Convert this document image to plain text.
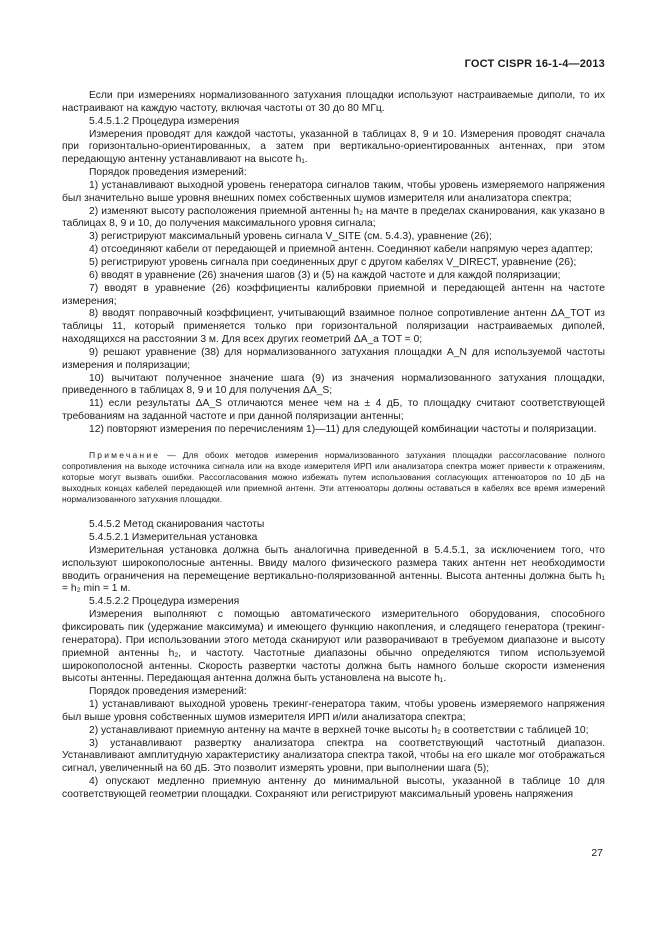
ГОСТ CISPR 16-1-4—2013

Если при измерениях нормализованного затухания площадки используют настраиваемые диполи, то их настраивают на каждую частоту, включая частоты от 30 до 80 МГц.

5.4.5.1.2 Процедура измерения

Измерения проводят для каждой частоты, указанной в таблицах 8, 9 и 10. Измерения проводят сначала при горизонтально-ориентированных, а затем при вертикально-ориентированных антеннах, при этом передающую антенну устанавливают на высоте h₁.

Порядок проведения измерений:

1) устанавливают выходной уровень генератора сигналов таким, чтобы уровень измеряемого напряжения был значительно выше уровня внешних помех собственных шумов измерителя или анализатора спектра;

2) изменяют высоту расположения приемной антенны h₂ на мачте в пределах сканирования, как указано в таблицах 8, 9 и 10, до получения максимального уровня сигнала;

3) регистрируют максимальный уровень сигнала V_SITE (см. 5.4.3), уравнение (26);

4) отсоединяют кабели от передающей и приемной антенн. Соединяют кабели напрямую через адаптер;

5) регистрируют уровень сигнала при соединенных друг с другом кабелях V_DIRECT, уравнение (26);

6) вводят в уравнение (26) значения шагов (3) и (5) на каждой частоте и для каждой поляризации;

7) вводят в уравнение (26) коэффициенты калибровки приемной и передающей антенн на частоте измерения;

8) вводят поправочный коэффициент, учитывающий взаимное полное сопротивление антенн ΔA_TOT из таблицы 11, который применяется только при горизонтальной поляризации настраиваемых диполей, находящихся на расстоянии 3 м. Для всех других геометрий ΔA_a TOT = 0;

9) решают уравнение (38) для нормализованного затухания площадки A_N для используемой частоты измерения и поляризации;

10) вычитают полученное значение шага (9) из значения нормализованного затухания площадки, приведенного в таблицах 8, 9 и 10 для получения ΔA_S;

11) если результаты ΔA_S отличаются менее чем на ± 4 дБ, то площадку считают соответствующей требованиям на заданной частоте и при данной поляризации антенны;

12) повторяют измерения по перечислениям 1)—11) для следующей комбинации частоты и поляризации.

Примечание — Для обоих методов измерения нормализованного затухания площадки рассогласование полного сопротивления на выходе источника сигнала или на входе измерителя ИРП или анализатора спектра может привести к отражениям, которые могут вызвать ошибки. Рассогласования можно избежать путем использования согласующих аттенюаторов по 10 дБ на выходных концах кабелей передающей или приемной антенн. Эти аттенюаторы должны оставаться в кабелях все время измерений нормализованного затухания площадки.

5.4.5.2 Метод сканирования частоты

5.4.5.2.1 Измерительная установка

Измерительная установка должна быть аналогична приведенной в 5.4.5.1, за исключением того, что используют широкополосные антенны. Ввиду малого физического размера таких антенн нет необходимости вводить ограничения на перемещение вертикально-поляризованной антенны. Высота антенны должна быть h₁ = h₂ min = 1 м.

5.4.5.2.2 Процедура измерения

Измерения выполняют с помощью автоматического измерительного оборудования, способного фиксировать пик (удержание максимума) и имеющего функцию накопления, и следящего генератора (трекинг-генератора). При использовании этого метода сканируют или разворачивают в требуемом диапазоне и высоту приемной антенны h₂, и частоту. Частотные диапазоны обычно определяются типом используемой широкополосной антенны. Скорость развертки частоты должна быть намного больше скорости изменения высоты антенны. Передающая антенна должна быть установлена на высоте h₁.

Порядок проведения измерений:

1) устанавливают выходной уровень трекинг-генератора таким, чтобы уровень измеряемого напряжения был выше уровня собственных шумов измерителя ИРП и/или анализатора спектра;

2) устанавливают приемную антенну на мачте в верхней точке высоты h₂ в соответствии с таблицей 10;

3) устанавливают развертку анализатора спектра на соответствующий частотный диапазон. Устанавливают амплитудную характеристику анализатора спектра такой, чтобы на его шкале мог отображаться сигнал, увеличенный на 60 дБ. Это позволит измерять уровни, при выполнении шага (5);

4) опускают медленно приемную антенну до минимальной высоты, указанной в таблице 10 для соответствующей геометрии площадки. Сохраняют или регистрируют максимальный уровень напряжения

27
